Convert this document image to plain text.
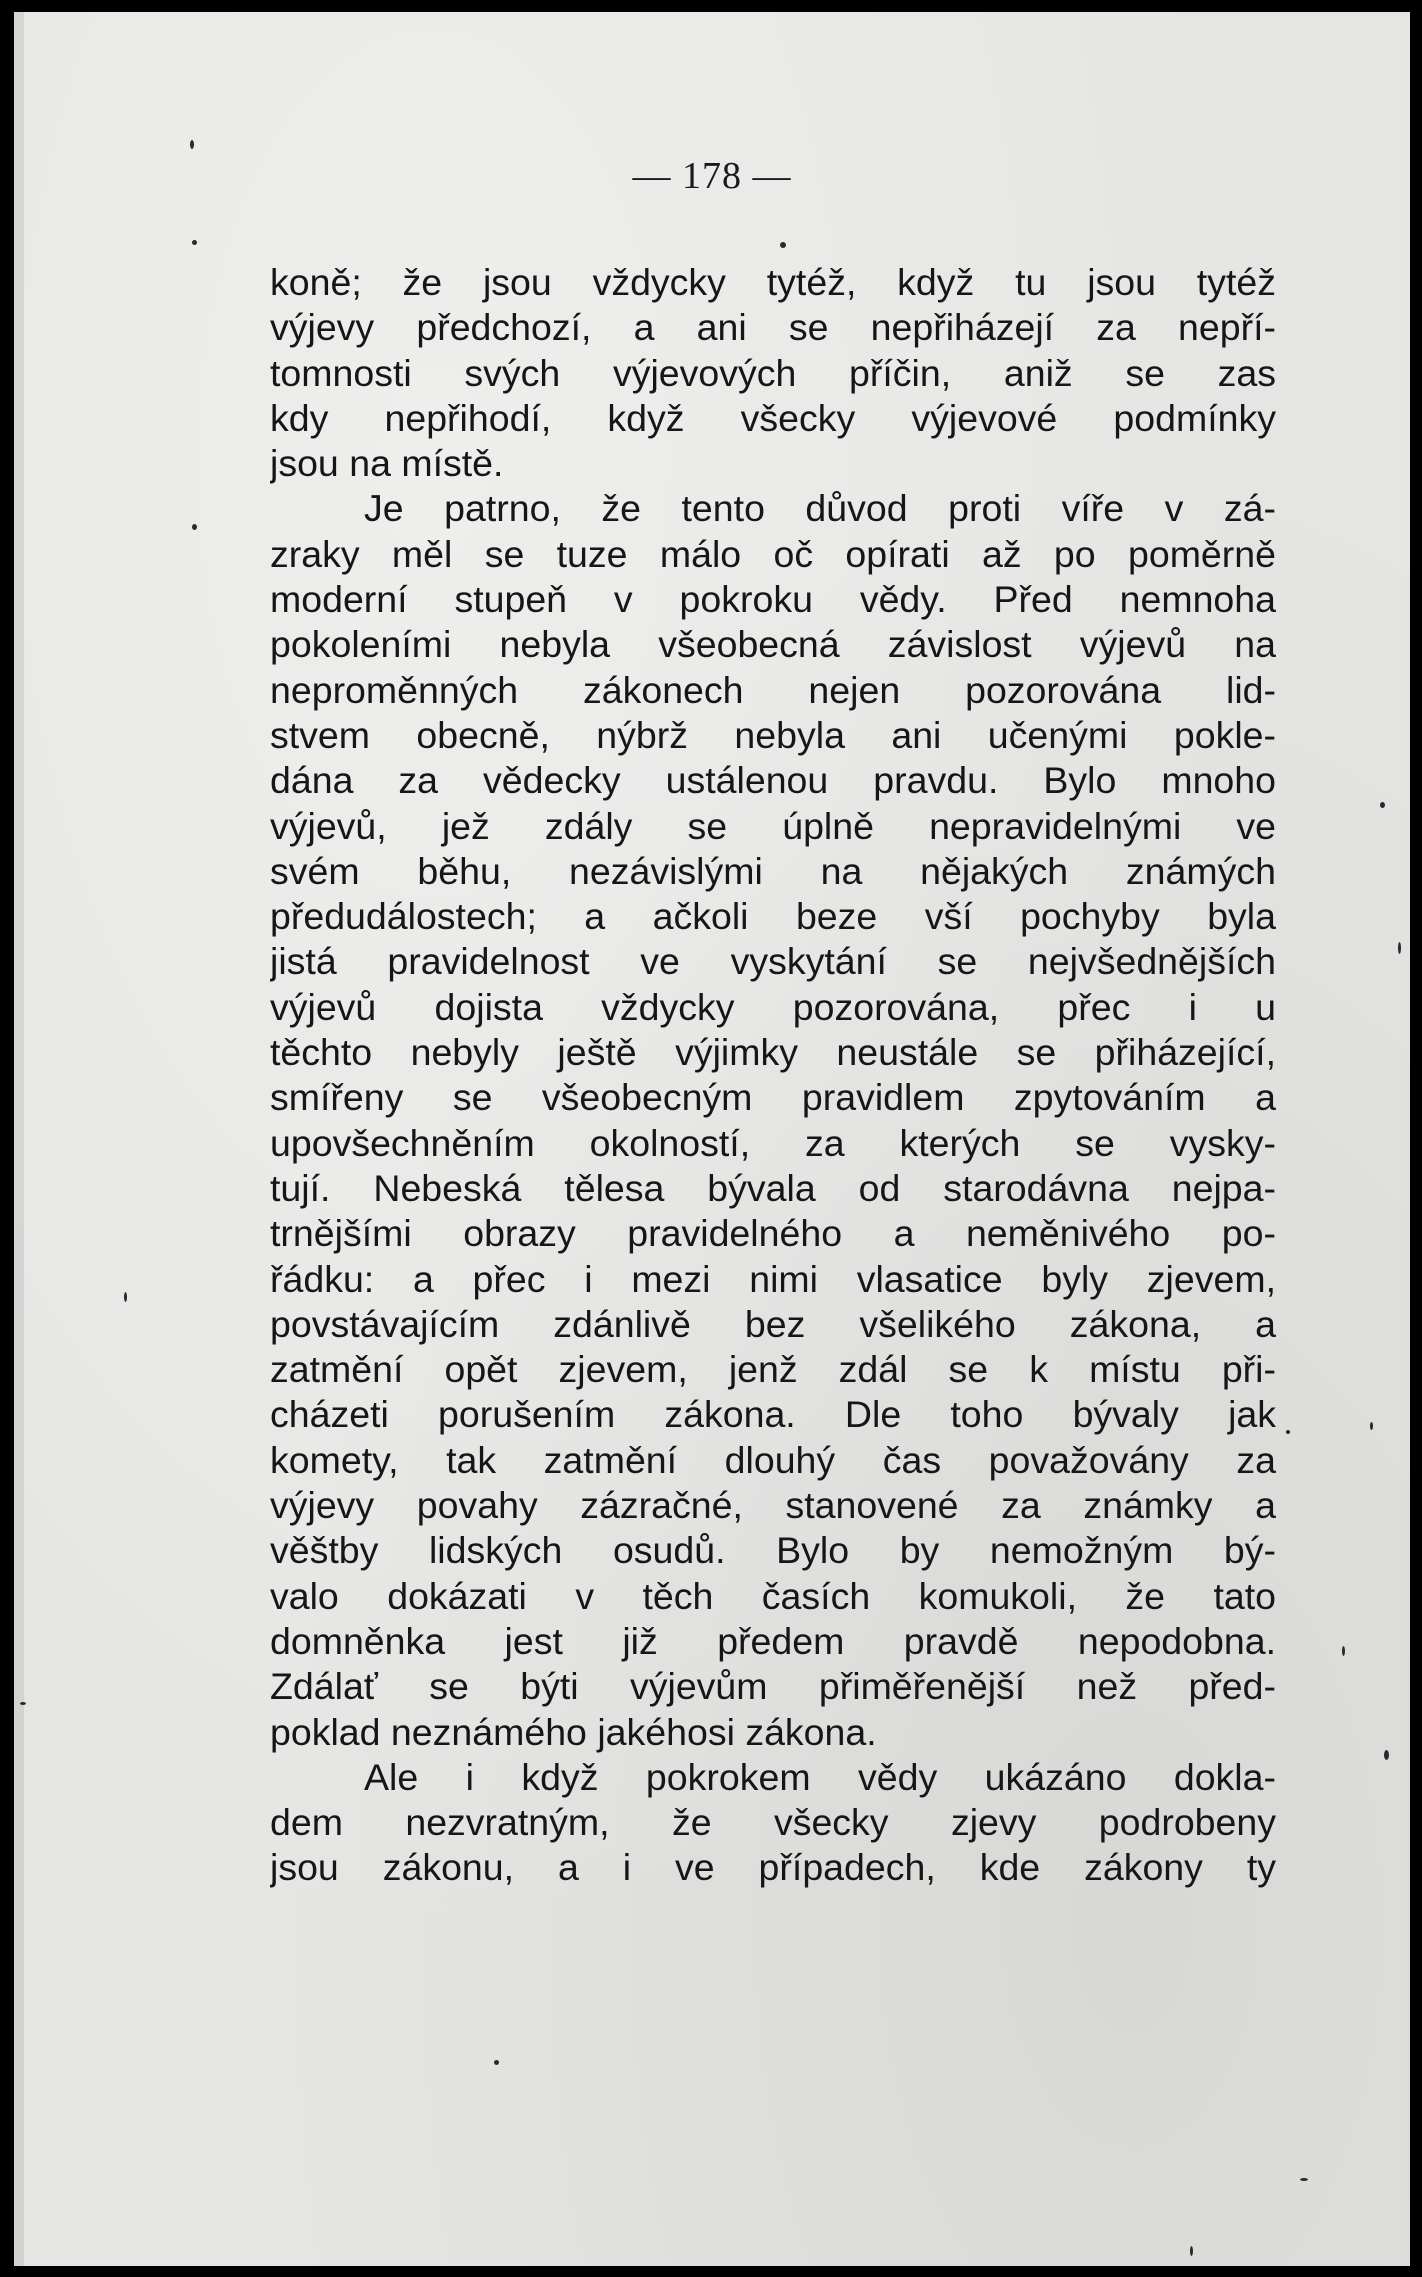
— 178 —
koně; že jsou vždycky tytéž, když tu jsou tytéž
výjevy předchozí, a ani se nepřiházejí za nepří-
tomnosti svých výjevových příčin, aniž se zas
kdy nepřihodí, když všecky výjevové podmínky
jsou na místě.
Je patrno, že tento důvod proti víře v zá-
zraky měl se tuze málo oč opírati až po poměrně
moderní stupeň v pokroku vědy. Před nemnoha
pokoleními nebyla všeobecná závislost výjevů na
neproměnných zákonech nejen pozorována lid-
stvem obecně, nýbrž nebyla ani učenými pokle-
dána za vědecky ustálenou pravdu. Bylo mnoho
výjevů, jež zdály se úplně nepravidelnými ve
svém běhu, nezávislými na nějakých známých
předudálostech; a ačkoli beze vší pochyby byla
jistá pravidelnost ve vyskytání se nejvšednějších
výjevů dojista vždycky pozorována, přec i u
těchto nebyly ještě výjimky neustále se přiházející,
smířeny se všeobecným pravidlem zpytováním a
upovšechněním okolností, za kterých se vysky-
tují. Nebeská tělesa bývala od starodávna nejpa-
trnějšími obrazy pravidelného a neměnivého po-
řádku: a přec i mezi nimi vlasatice byly zjevem,
povstávajícím zdánlivě bez všelikého zákona, a
zatmění opět zjevem, jenž zdál se k místu při-
cházeti porušením zákona. Dle toho bývaly jak
komety, tak zatmění dlouhý čas považovány za
výjevy povahy zázračné, stanovené za známky a
věštby lidských osudů. Bylo by nemožným bý-
valo dokázati v těch časích komukoli, že tato
domněnka jest již předem pravdě nepodobna.
Zdálať se býti výjevům přiměřenější než před-
poklad neznámého jakéhosi zákona.
Ale i když pokrokem vědy ukázáno dokla-
dem nezvratným, že všecky zjevy podrobeny
jsou zákonu, a i ve případech, kde zákony ty
